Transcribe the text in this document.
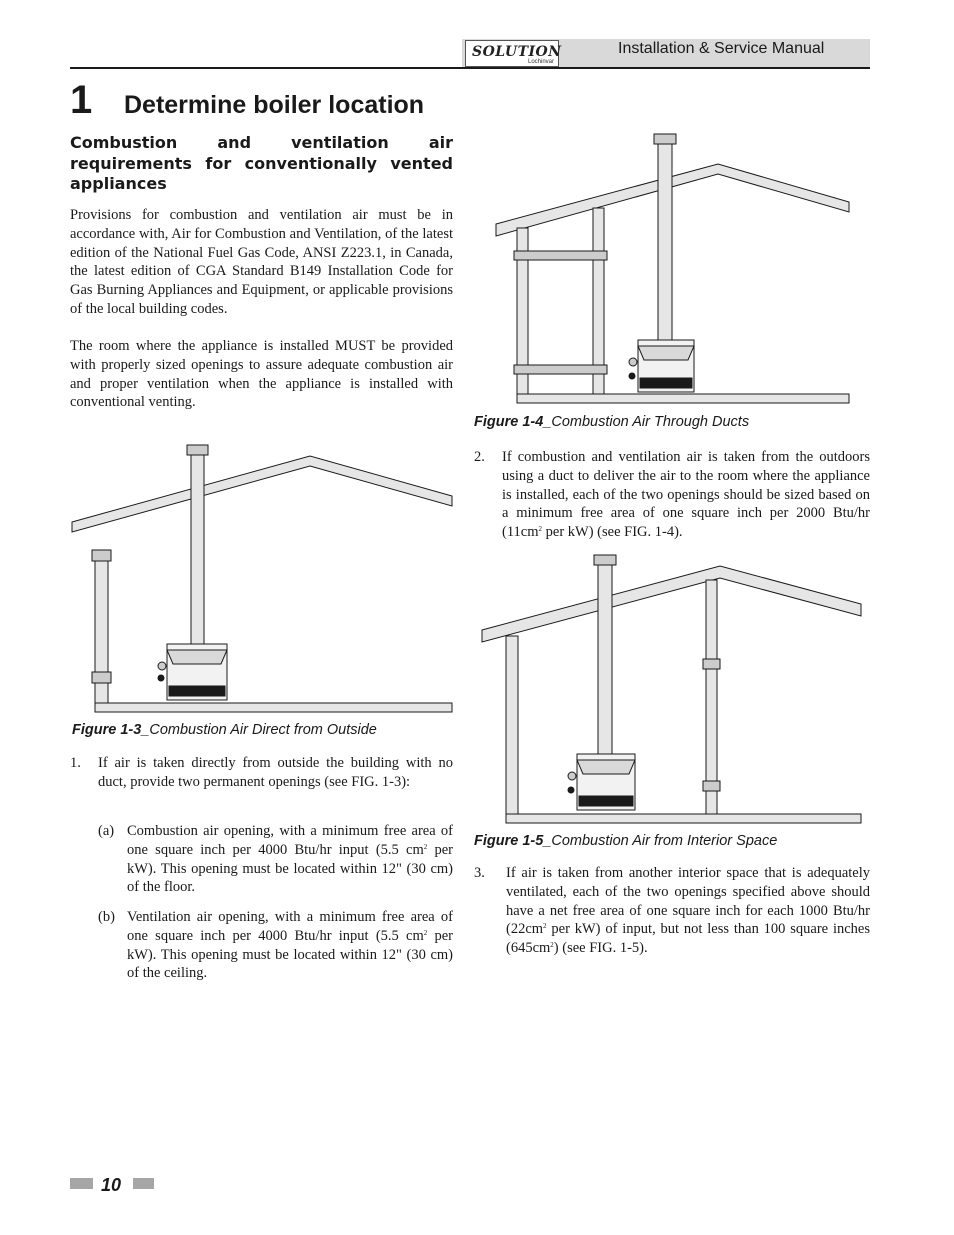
SOLUTION
Lochinvar
Installation & Service Manual
1 Determine boiler location
Combustion and ventilation air requirements for conventionally vented appliances
Provisions for combustion and ventilation air must be in accordance with, Air for Combustion and Ventilation, of the latest edition of the National Fuel Gas Code, ANSI Z223.1, in Canada, the latest edition of CGA Standard B149 Installation Code for Gas Burning Appliances and Equipment, or applicable provisions of the local building codes.
The room where the appliance is installed MUST be provided with properly sized openings to assure adequate combustion air and proper ventilation when the appliance is installed with conventional venting.
Figure 1-3_Combustion Air Direct from Outside
1. If air is taken directly from outside the building with no duct, provide two permanent openings (see FIG. 1-3):
(a) Combustion air opening, with a minimum free area of one square inch per 4000 Btu/hr input (5.5 $cm^2$ per kW). This opening must be located within 12" (30 cm) of the floor.
(b) Ventilation air opening, with a minimum free area of one square inch per 4000 Btu/hr input (5.5 $cm^2$ per kW). This opening must be located within 12" (30 cm) of the ceiling.
Figure 1-4_Combustion Air Through Ducts
2. If combustion and ventilation air is taken from the outdoors using a duct to deliver the air to the room where the appliance is installed, each of the two openings should be sized based on a minimum free area of one square inch per 2000 Btu/hr ($11cm^2$ per kW) (see FIG. 1-4).
Figure 1-5_Combustion Air from Interior Space
3. If air is taken from another interior space that is adequately ventilated, each of the two openings specified above should have a net free area of one square inch for each 1000 Btu/hr ($22cm^2$ per kW) of input, but not less than 100 square inches $(645cm^2)$ (see FIG. 1-5).
10
